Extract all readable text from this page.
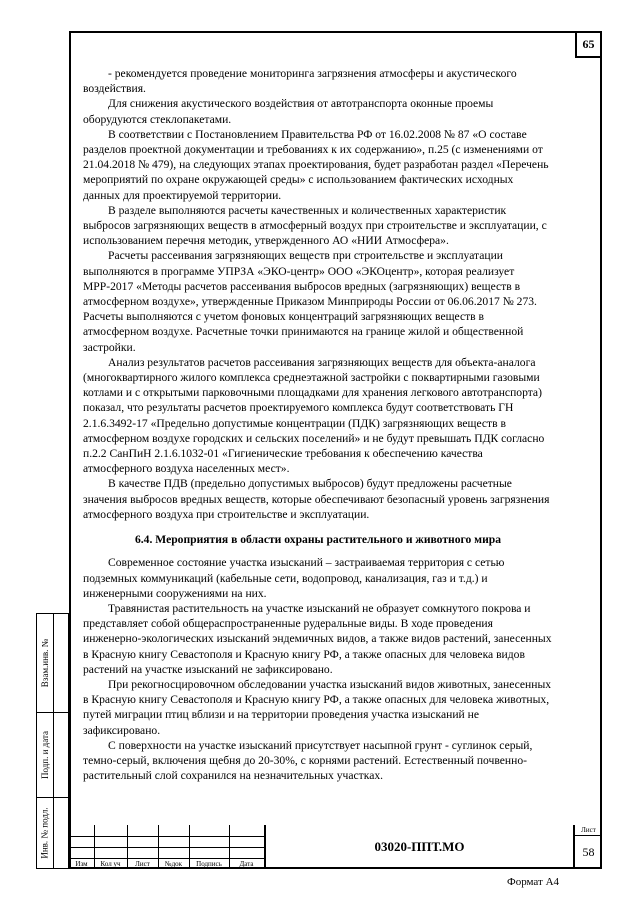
65

- рекомендуется проведение мониторинга загрязнения атмосферы и акустического воздействия.

Для снижения акустического воздействия от автотранспорта оконные проемы оборудуются стеклопакетами.

В соответствии с Постановлением Правительства РФ от 16.02.2008 № 87 «О составе разделов проектной документации и требованиях к их содержанию», п.25 (с изменениями от 21.04.2018 № 479), на следующих этапах проектирования, будет разработан раздел «Перечень мероприятий по охране окружающей среды» с использованием фактических исходных данных для проектируемой территории.

В разделе выполняются расчеты качественных и количественных характеристик выбросов загрязняющих веществ в атмосферный воздух при строительстве и эксплуатации, с использованием перечня методик, утвержденного АО «НИИ Атмосфера».

Расчеты рассеивания загрязняющих веществ при строительстве и эксплуатации выполняются в программе УПРЗА «ЭКО-центр» ООО «ЭКОцентр», которая реализует МРР-2017 «Методы расчетов рассеивания выбросов вредных (загрязняющих) веществ в атмосферном воздухе», утвержденные Приказом Минприроды России от 06.06.2017 № 273. Расчеты выполняются с учетом фоновых концентраций загрязняющих веществ в атмосферном воздухе. Расчетные точки принимаются на границе жилой и общественной застройки.

Анализ результатов расчетов рассеивания загрязняющих веществ для объекта-аналога (многоквартирного жилого комплекса среднеэтажной застройки с поквартирными газовыми котлами и с открытыми парковочными площадками для хранения легкового автотранспорта) показал, что результаты расчетов проектируемого комплекса будут соответствовать ГН 2.1.6.3492-17 «Предельно допустимые концентрации (ПДК) загрязняющих веществ в атмосферном воздухе городских и сельских поселений» и не будут превышать ПДК согласно п.2.2 СанПиН 2.1.6.1032-01 «Гигиенические требования к обеспечению качества атмосферного воздуха населенных мест».

В качестве ПДВ (предельно допустимых выбросов) будут предложены расчетные значения выбросов вредных веществ, которые обеспечивают безопасный уровень загрязнения атмосферного воздуха при строительстве и эксплуатации.

6.4. Мероприятия в области охраны растительного и животного мира

Современное состояние участка изысканий – застраиваемая территория с сетью подземных коммуникаций (кабельные сети, водопровод, канализация, газ и т.д.) и инженерными сооружениями на них.

Травянистая растительность на участке изысканий не образует сомкнутого покрова и представляет собой общераспространенные рудеральные виды. В ходе проведения инженерно-экологических изысканий эндемичных видов, а также видов растений, занесенных в Красную книгу Севастополя и Красную книгу РФ, а также опасных для человека видов растений на участке изысканий не зафиксировано.

При рекогносцировочном обследовании участка изысканий видов животных, занесенных в Красную книгу Севастополя и Красную книгу РФ, а также опасных для человека животных, путей миграции птиц вблизи и на территории проведения участка изысканий не зафиксировано.

С поверхности на участке изысканий присутствует насыпной грунт - суглинок серый, темно-серый, включения щебня до 20-30%, с корнями растений. Естественный почвенно-растительный слой сохранился на незначительных участках.

Взам.инв. №
Подп. и дата
Инв. № подл.
Изм	Кол уч	Лист	№док	Подпись	Дата
03020-ППТ.МО
Лист
58
Формат А4
